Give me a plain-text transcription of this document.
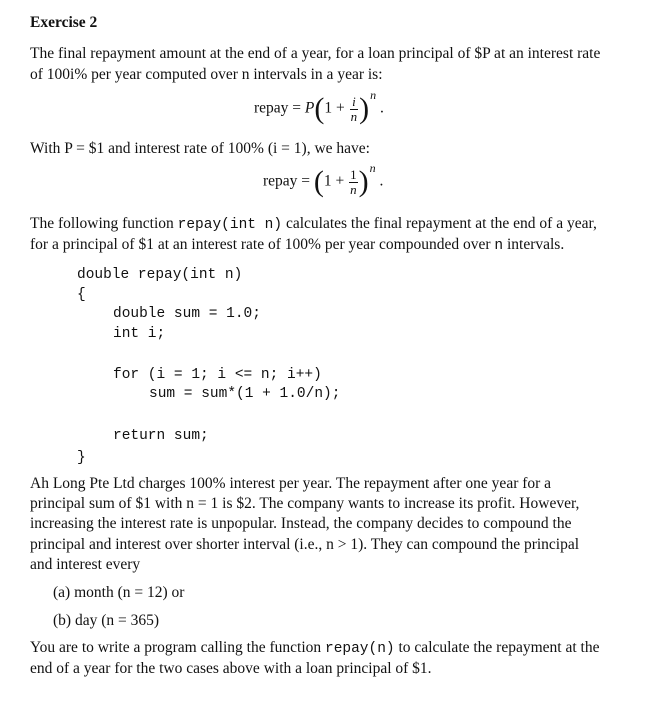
Exercise 2
The final repayment amount at the end of a year, for a loan principal of $P at an interest rate
of 100i% per year computed over n intervals in a year is:
repay = $P(1 + \frac{i}{n} )^n$ .
With P = $1 and interest rate of 100% (i = 1), we have:
repay = $(1 + \frac{1}{n} )^n$ .
The following function repay(int n) calculates the final repayment at the end of a year,
for a principal of $1 at an interest rate of 100% per year compounded over n intervals.
double repay(int n)
{
double sum = 1.0;
int i;
for (i = 1; i <= n; i++)
sum = sum*(1 + 1.0/n);
return sum;
}
Ah Long Pte Ltd charges 100% interest per year. The repayment after one year for a
principal sum of $1 with n = 1 is $2. The company wants to increase its profit. However,
increasing the interest rate is unpopular. Instead, the company decides to compound the
principal and interest over shorter interval (i.e., n > 1). They can compound the principal
and interest every
(a) month (n = 12) or
(b) day (n = 365)
You are to write a program calling the function repay(n) to calculate the repayment at the
end of a year for the two cases above with a loan principal of $1.
